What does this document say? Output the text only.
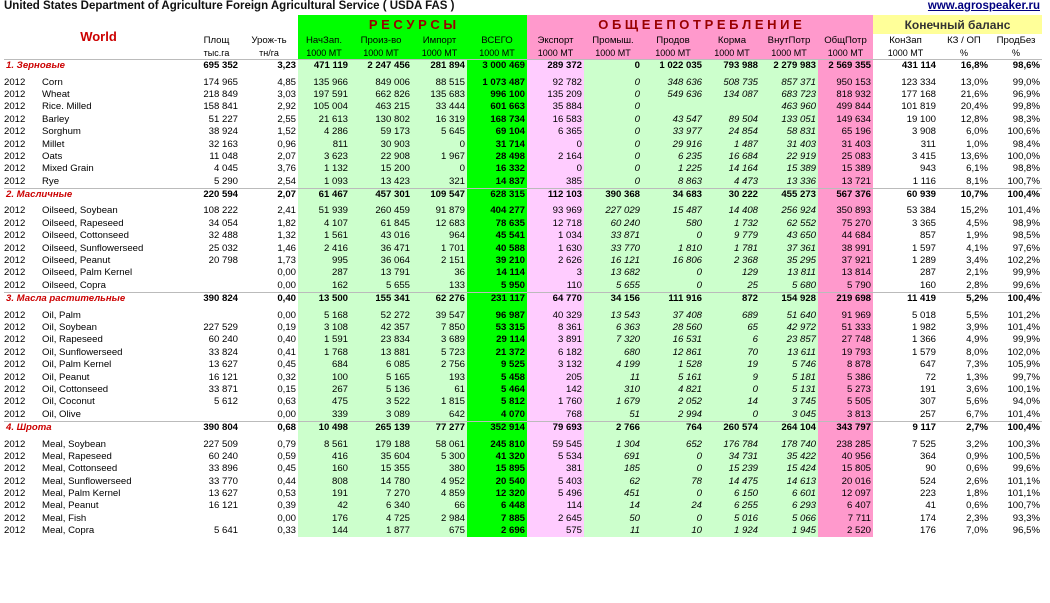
United States Department of Agriculture Foreign Agricultural Service ( USDA FAS )	www.agrospeaker.ru
World				Р Е С У Р С Ы				О Б Щ Е Е П О Т Р Е Б Л Е Н И Е						Конечный баланс		
		Площ	Урож-ть	НачЗап.	Произ-во	Импорт	ВСЕГО	Экспорт	Промыш.	Продов	Корма	ВнутПотр	ОбщПотр	КонЗап	КЗ / ОП	ПродБез
		тыс.га	тн/га	1000 МТ	1000 МТ	1000 МТ	1000 МТ	1000 МТ	1000 МТ	1000 МТ	1000 МТ	1000 МТ	1000 МТ	1000 МТ	%	%
1. Зерновые		695 352	3,23	471 119	2 247 456	281 894	3 000 469	289 372	0	1 022 035	793 988	2 279 983	2 569 355	431 114	16,8%	98,6%

2012	Corn	174 965	4,85	135 966	849 006	88 515	1 073 487	92 782	0	348 636	508 735	857 371	950 153	123 334	13,0%	99,0%
2012	Wheat	218 849	3,03	197 591	662 826	135 683	996 100	135 209	0	549 636	134 087	683 723	818 932	177 168	21,6%	96,9%
2012	Rice. Milled	158 841	2,92	105 004	463 215	33 444	601 663	35 884	0			463 960	499 844	101 819	20,4%	99,8%
2012	Barley	51 227	2,55	21 613	130 802	16 319	168 734	16 583	0	43 547	89 504	133 051	149 634	19 100	12,8%	98,3%
2012	Sorghum	38 924	1,52	4 286	59 173	5 645	69 104	6 365	0	33 977	24 854	58 831	65 196	3 908	6,0%	100,6%
2012	Millet	32 163	0,96	811	30 903	0	31 714	0	0	29 916	1 487	31 403	31 403	311	1,0%	98,4%
2012	Oats	11 048	2,07	3 623	22 908	1 967	28 498	2 164	0	6 235	16 684	22 919	25 083	3 415	13,6%	100,0%
2012	Mixed Grain	4 045	3,76	1 132	15 200	0	16 332	0	0	1 225	14 164	15 389	15 389	943	6,1%	98,8%
2012	Rye	5 290	2,54	1 093	13 423	321	14 837	385	0	8 863	4 473	13 336	13 721	1 116	8,1%	100,7%
2. Масличные		220 594	2,07	61 467	457 301	109 547	628 315	112 103	390 368	34 683	30 222	455 273	567 376	60 939	10,7%	100,4%

2012	Oilseed, Soybean	108 222	2,41	51 939	260 459	91 879	404 277	93 969	227 029	15 487	14 408	256 924	350 893	53 384	15,2%	101,4%
2012	Oilseed, Rapeseed	34 054	1,82	4 107	61 845	12 683	78 635	12 718	60 240	580	1 732	62 552	75 270	3 365	4,5%	98,9%
2012	Oilseed, Cottonseed	32 488	1,32	1 561	43 016	964	45 541	1 034	33 871	0	9 779	43 650	44 684	857	1,9%	98,5%
2012	Oilseed, Sunflowerseed	25 032	1,46	2 416	36 471	1 701	40 588	1 630	33 770	1 810	1 781	37 361	38 991	1 597	4,1%	97,6%
2012	Oilseed, Peanut	20 798	1,73	995	36 064	2 151	39 210	2 626	16 121	16 806	2 368	35 295	37 921	1 289	3,4%	102,2%
2012	Oilseed, Palm Kernel		0,00	287	13 791	36	14 114	3	13 682	0	129	13 811	13 814	287	2,1%	99,9%
2012	Oilseed, Copra		0,00	162	5 655	133	5 950	110	5 655	0	25	5 680	5 790	160	2,8%	99,6%
3. Масла растительные		390 824	0,40	13 500	155 341	62 276	231 117	64 770	34 156	111 916	872	154 928	219 698	11 419	5,2%	100,4%

2012	Oil, Palm		0,00	5 168	52 272	39 547	96 987	40 329	13 543	37 408	689	51 640	91 969	5 018	5,5%	101,2%
2012	Oil, Soybean	227 529	0,19	3 108	42 357	7 850	53 315	8 361	6 363	28 560	65	42 972	51 333	1 982	3,9%	101,4%
2012	Oil, Rapeseed	60 240	0,40	1 591	23 834	3 689	29 114	3 891	7 320	16 531	6	23 857	27 748	1 366	4,9%	99,9%
2012	Oil, Sunflowerseed	33 824	0,41	1 768	13 881	5 723	21 372	6 182	680	12 861	70	13 611	19 793	1 579	8,0%	102,0%
2012	Oil, Palm Kernel	13 627	0,45	684	6 085	2 756	9 525	3 132	4 199	1 528	19	5 746	8 878	647	7,3%	105,9%
2012	Oil, Peanut	16 121	0,32	100	5 165	193	5 458	205	11	5 161	9	5 181	5 386	72	1,3%	99,7%
2012	Oil, Cottonseed	33 871	0,15	267	5 136	61	5 464	142	310	4 821	0	5 131	5 273	191	3,6%	100,1%
2012	Oil, Coconut	5 612	0,63	475	3 522	1 815	5 812	1 760	1 679	2 052	14	3 745	5 505	307	5,6%	94,0%
2012	Oil, Olive		0,00	339	3 089	642	4 070	768	51	2 994	0	3 045	3 813	257	6,7%	101,4%
4. Шрота		390 804	0,68	10 498	265 139	77 277	352 914	79 693	2 766	764	260 574	264 104	343 797	9 117	2,7%	100,4%

2012	Meal, Soybean	227 509	0,79	8 561	179 188	58 061	245 810	59 545	1 304	652	176 784	178 740	238 285	7 525	3,2%	100,3%
2012	Meal, Rapeseed	60 240	0,59	416	35 604	5 300	41 320	5 534	691	0	34 731	35 422	40 956	364	0,9%	100,5%
2012	Meal, Cottonseed	33 896	0,45	160	15 355	380	15 895	381	185	0	15 239	15 424	15 805	90	0,6%	99,6%
2012	Meal, Sunflowerseed	33 770	0,44	808	14 780	4 952	20 540	5 403	62	78	14 475	14 613	20 016	524	2,6%	101,1%
2012	Meal, Palm Kernel	13 627	0,53	191	7 270	4 859	12 320	5 496	451	0	6 150	6 601	12 097	223	1,8%	101,1%
2012	Meal, Peanut	16 121	0,39	42	6 340	66	6 448	114	14	24	6 255	6 293	6 407	41	0,6%	100,7%
2012	Meal, Fish		0,00	176	4 725	2 984	7 885	2 645	50	0	5 016	5 066	7 711	174	2,3%	93,3%
2012	Meal, Copra	5 641	0,33	144	1 877	675	2 696	575	11	10	1 924	1 945	2 520	176	7,0%	96,5%
